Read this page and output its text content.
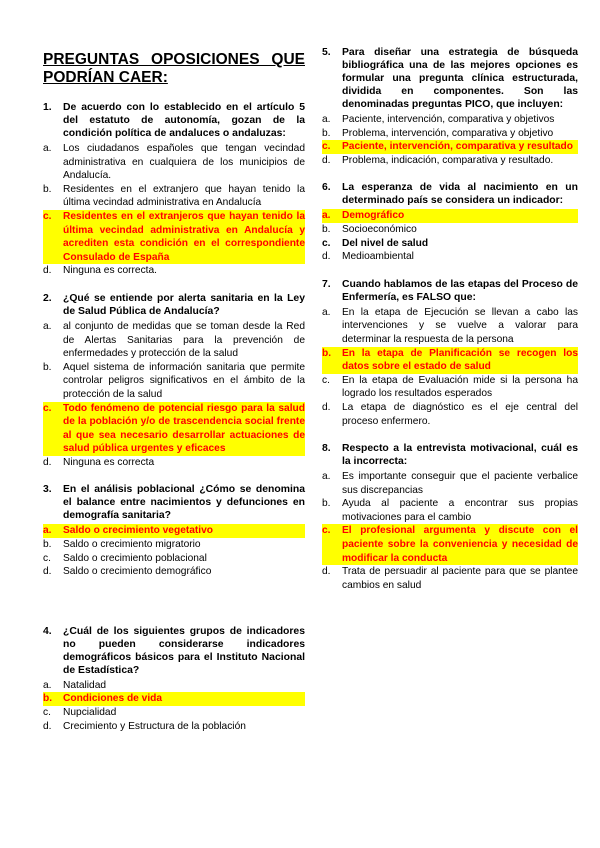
PREGUNTAS OPOSICIONES QUE
PODRÍAN CAER:
1.	De acuerdo con lo establecido en el artículo 5 del estatuto de autonomía, gozan de la condición política de andaluces o andaluzas:
a.	Los ciudadanos españoles que tengan vecindad administrativa en cualquiera de los municipios de Andalucía.
b.	Residentes en el extranjero que hayan tenido la última vecindad administrativa en Andalucía
c.	Residentes en el extranjeros que hayan tenido la última vecindad administrativa en Andalucía y acrediten esta condición en el correspondiente Consulado de España
d.	Ninguna es correcta.
2.	¿Qué se entiende por alerta sanitaria en la Ley de Salud Pública de Andalucía?
a.	al conjunto de medidas que se toman desde la Red de Alertas Sanitarias para la prevención de enfermedades y protección de la salud
b.	Aquel sistema de información sanitaria que permite controlar peligros significativos en el ámbito de la protección de la salud
c.	Todo fenómeno de potencial riesgo para la salud de la población y/o de trascendencia social frente al que sea necesario desarrollar actuaciones de salud pública urgentes y eficaces
d.	Ninguna es correcta
3.	En el análisis poblacional ¿Cómo se denomina el balance entre nacimientos y defunciones en demografía sanitaria?
a.	Saldo o crecimiento vegetativo
b.	Saldo o crecimiento migratorio
c.	Saldo o crecimiento poblacional
d.	Saldo o crecimiento demográfico
4.	¿Cuál de los siguientes grupos de indicadores no pueden considerarse indicadores demográficos básicos para el Instituto Nacional de Estadística?
a.	Natalidad
b.	Condiciones de vida
c.	Nupcialidad
d.	Crecimiento y Estructura de la población
5.	Para diseñar una estrategia de búsqueda bibliográfica una de las mejores opciones es formular una pregunta clínica estructurada, dividida en componentes. Son las denominadas preguntas PICO, que incluyen:
a.	Paciente, intervención, comparativa y objetivos
b.	Problema, intervención, comparativa y objetivo
c.	Paciente, intervención, comparativa y resultado
d.	Problema, indicación, comparativa y resultado.
6.	La esperanza de vida al nacimiento en un determinado país se considera un indicador:
a.	Demográfico
b.	Socioeconómico
c.	Del nivel de salud
d.	Medioambiental
7.	Cuando hablamos de las etapas del Proceso de Enfermería, es FALSO que:
a.	En la etapa de Ejecución se llevan a cabo las intervenciones y se vuelve a valorar para determinar la respuesta de la persona
b.	En la etapa de Planificación se recogen los datos sobre el estado de salud
c.	En la etapa de Evaluación mide si la persona ha logrado los resultados esperados
d.	La etapa de diagnóstico es el eje central del proceso enfermero.
8.	Respecto a la entrevista motivacional, cuál es la incorrecta:
a.	Es importante conseguir que el paciente verbalice sus discrepancias
b.	Ayuda al paciente a encontrar sus propias motivaciones para el cambio
c.	El profesional argumenta y discute con el paciente sobre la conveniencia y necesidad de modificar la conducta
d.	Trata de persuadir al paciente para que se plantee cambios en salud
